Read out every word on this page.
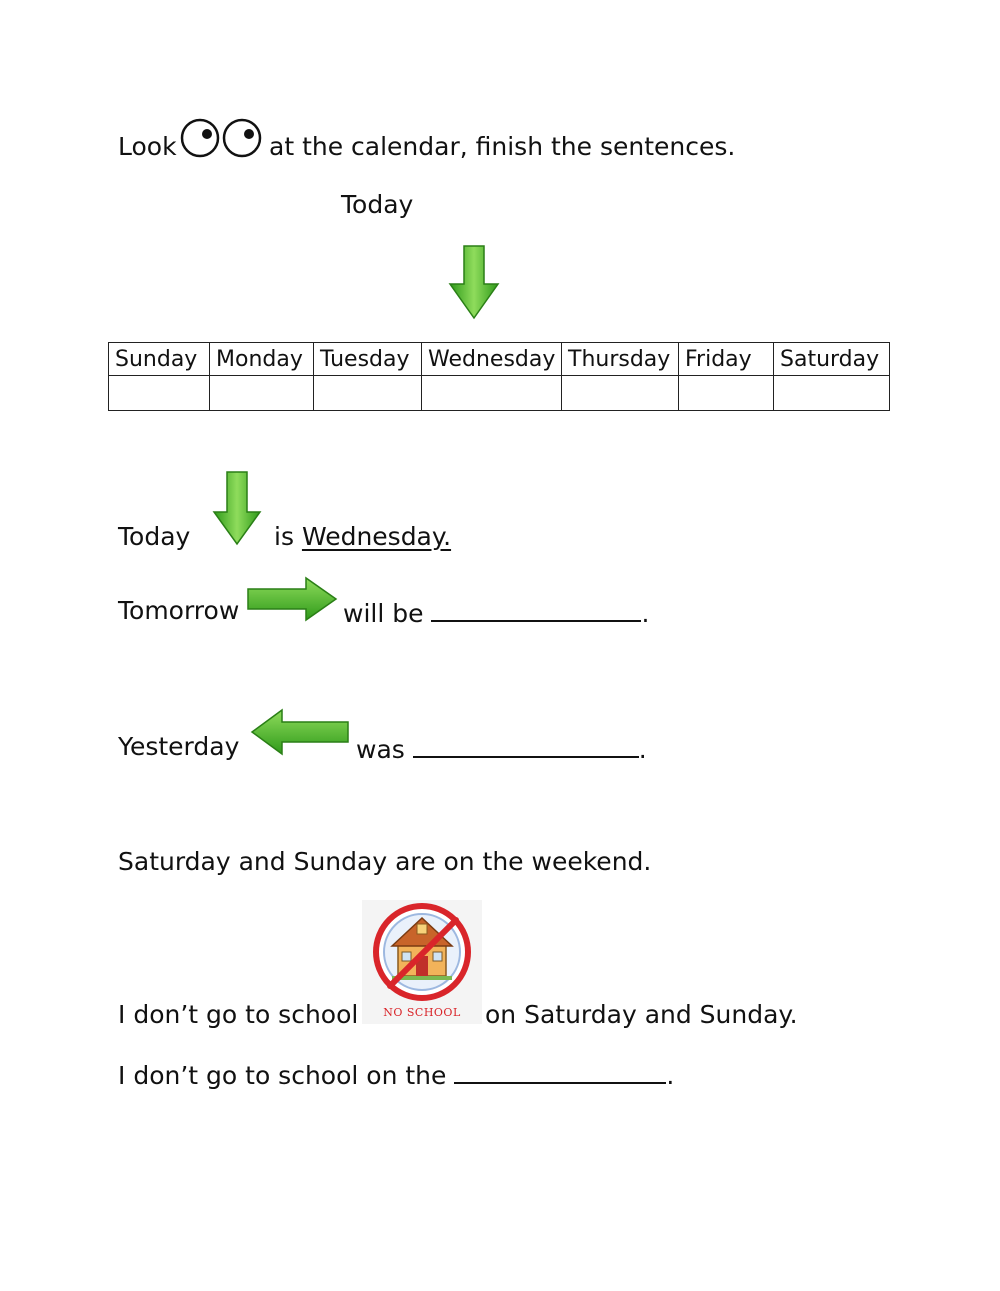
Look	at the calendar, finish the sentences.
Today
Sunday	Monday	Tuesday	Wednesday	Thursday	Friday	Saturday

Today	is Wednesday.
Tomorrow	will be	.
Yesterday	was	.
Saturday and Sunday are on the weekend.
I don’t go to school	NO SCHOOL on Saturday and Sunday.
I don’t go to school on the	.
